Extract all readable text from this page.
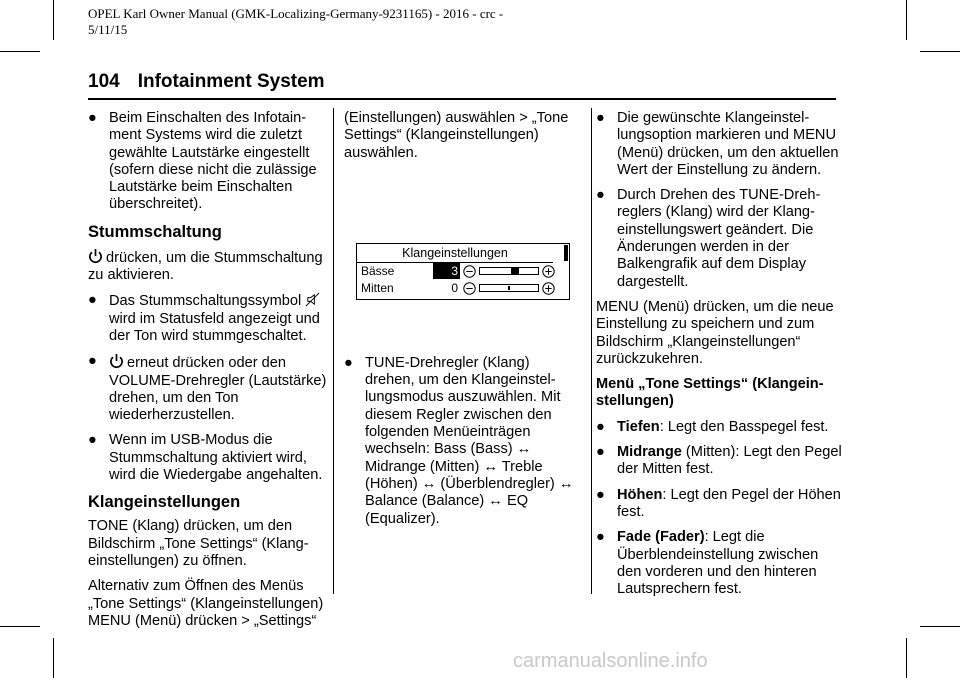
OPEL Karl Owner Manual (GMK-Localizing-Germany-9231165) - 2016 - crc -
5/11/15
104 Infotainment System
● Beim Einschalten des Infotainment Systems wird die zuletzt gewählte Lautstärke eingestellt (sofern diese nicht die zulässige Lautstärke beim Einschalten überschreitet).
Stummschaltung

drücken, um die Stummschaltung zu aktivieren.

● Das Stummschaltungssymbol
wird im Statusfeld angezeigt und der Ton wird stummgeschaltet.
● erneut drücken oder den VOLUME-Drehregler (Lautstärke) drehen, um den Ton wiederherzustellen.
● Wenn im USB-Modus die Stummschaltung aktiviert wird, wird die Wiedergabe angehalten.
Klangeinstellungen

TONE (Klang) drücken, um den Bildschirm „Tone Settings“ (Klangeinstellungen) zu öffnen.

Alternativ zum Öffnen des Menüs „Tone Settings“ (Klangeinstellungen) MENU (Menü) drücken > „Settings“

(Einstellungen) auswählen > „Tone Settings“ (Klangeinstellungen) auswählen.

● TUNE-Drehregler (Klang) drehen, um den Klangeinstellungsmodus auszuwählen. Mit diesem Regler zwischen den folgenden Menüeinträgen wechseln: Bass (Bass) ↔ Midrange (Mitten) ↔ Treble (Höhen) ↔ (Überblendregler) ↔ Balance (Balance) ↔ EQ (Equalizer).
Klangeinstellungen
Bässe	3
Mitten	0
● Die gewünschte Klangeinstellungsoption markieren und MENU (Menü) drücken, um den aktuellen Wert der Einstellung zu ändern.
● Durch Drehen des TUNE-Drehreglers (Klang) wird der Klangeinstellungswert geändert. Die Änderungen werden in der Balkengrafik auf dem Display dargestellt.

MENU (Menü) drücken, um die neue Einstellung zu speichern und zum Bildschirm „Klangeinstellungen“ zurückzukehren.

Menü „Tone Settings“ (Klangeinstellungen)

● Tiefen: Legt den Basspegel fest.
● Midrange (Mitten): Legt den Pegel der Mitten fest.
● Höhen: Legt den Pegel der Höhen fest.
● Fade (Fader): Legt die Überblendeinstellung zwischen den vorderen und den hinteren Lautsprechern fest.
carmanualsonline.info
